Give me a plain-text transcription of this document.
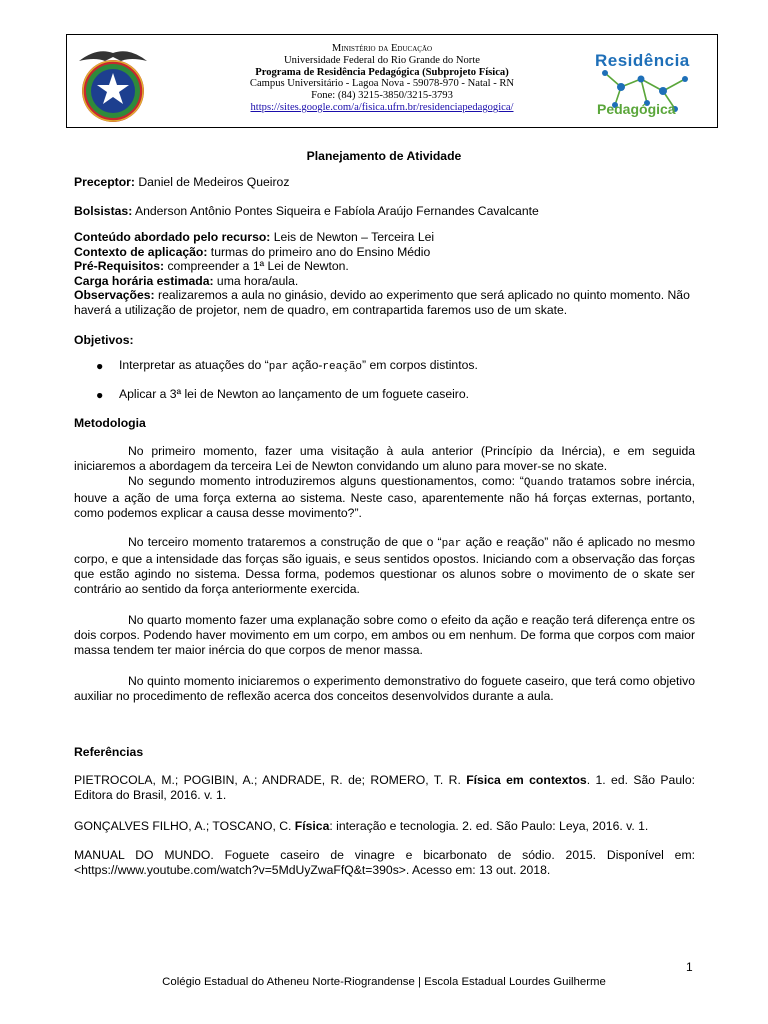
Ministério da Educação
Universidade Federal do Rio Grande do Norte
Programa de Residência Pedagógica (Subprojeto Física)
Campus Universitário - Lagoa Nova - 59078-970 - Natal - RN
Fone: (84) 3215-3850/3215-3793
https://sites.google.com/a/fisica.ufrn.br/residenciapedagogica/
Residência
Pedagógica
Planejamento de Atividade
Preceptor: Daniel de Medeiros Queiroz
Bolsistas: Anderson Antônio Pontes Siqueira e Fabíola Araújo Fernandes Cavalcante
Conteúdo abordado pelo recurso: Leis de Newton – Terceira Lei
Contexto de aplicação: turmas do primeiro ano do Ensino Médio
Pré-Requisitos: compreender a 1ª Lei de Newton.
Carga horária estimada: uma hora/aula.
Observações: realizaremos a aula no ginásio, devido ao experimento que será aplicado no quinto momento. Não haverá a utilização de projetor, nem de quadro, em contrapartida faremos uso de um skate.
Objetivos:
● Interpretar as atuações do “par ação-reação” em corpos distintos.
● Aplicar a 3ª lei de Newton ao lançamento de um foguete caseiro.
Metodologia
No primeiro momento, fazer uma visitação à aula anterior (Princípio da Inércia), e em seguida iniciaremos a abordagem da terceira Lei de Newton convidando um aluno para mover-se no skate.
No segundo momento introduziremos alguns questionamentos, como: “Quando tratamos sobre inércia, houve a ação de uma força externa ao sistema. Neste caso, aparentemente não há forças externas, portanto, como podemos explicar a causa desse movimento?”.
No terceiro momento trataremos a construção de que o “par ação e reação” não é aplicado no mesmo corpo, e que a intensidade das forças são iguais, e seus sentidos opostos. Iniciando com a observação das forças que estão agindo no sistema. Dessa forma, podemos questionar os alunos sobre o movimento de o skate ser contrário ao sentido da força anteriormente exercida.
No quarto momento fazer uma explanação sobre como o efeito da ação e reação terá diferença entre os dois corpos. Podendo haver movimento em um corpo, em ambos ou em nenhum. De forma que corpos com maior massa tendem ter maior inércia do que corpos de menor massa.
No quinto momento iniciaremos o experimento demonstrativo do foguete caseiro, que terá como objetivo auxiliar no procedimento de reflexão acerca dos conceitos desenvolvidos durante a aula.
Referências
PIETROCOLA, M.; POGIBIN, A.; ANDRADE, R. de; ROMERO, T. R. Física em contextos. 1. ed. São Paulo: Editora do Brasil, 2016. v. 1.
GONÇALVES FILHO, A.; TOSCANO, C. Física: interação e tecnologia. 2. ed. São Paulo: Leya, 2016. v. 1.
MANUAL DO MUNDO. Foguete caseiro de vinagre e bicarbonato de sódio. 2015. Disponível em: <https://www.youtube.com/watch?v=5MdUyZwaFfQ&t=390s>. Acesso em: 13 out. 2018.
1
Colégio Estadual do Atheneu Norte-Riograndense | Escola Estadual Lourdes Guilherme
